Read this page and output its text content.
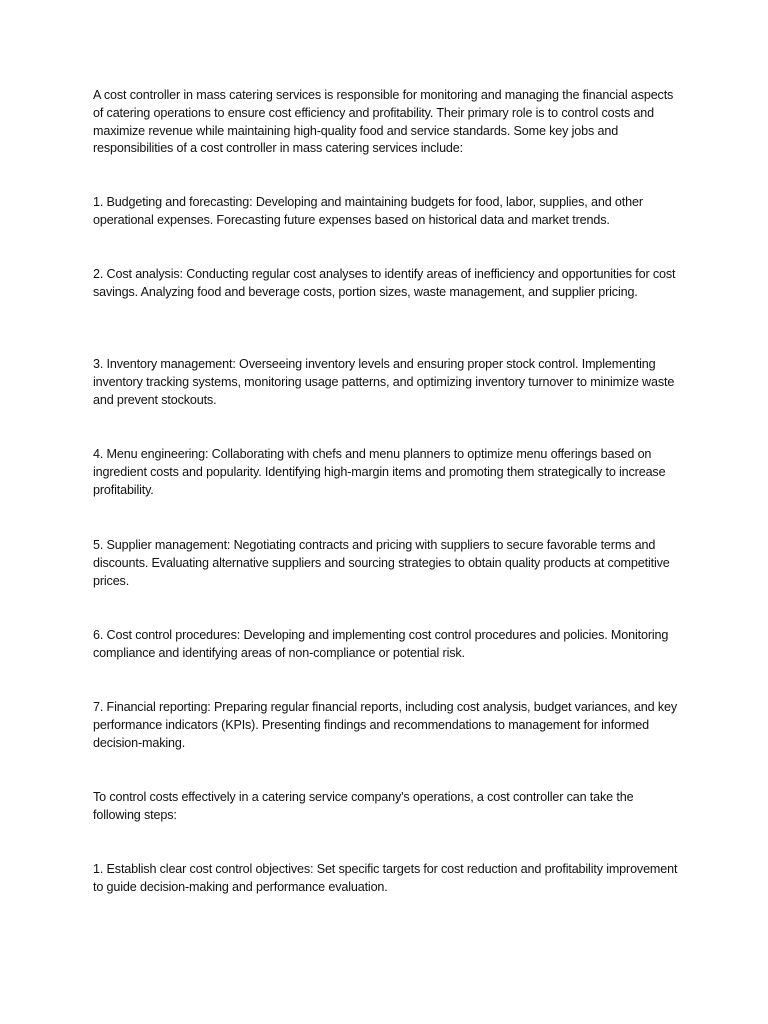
A cost controller in mass catering services is responsible for monitoring and managing the financial aspects of catering operations to ensure cost efficiency and profitability. Their primary role is to control costs and maximize revenue while maintaining high-quality food and service standards. Some key jobs and responsibilities of a cost controller in mass catering services include:

1. Budgeting and forecasting: Developing and maintaining budgets for food, labor, supplies, and other operational expenses. Forecasting future expenses based on historical data and market trends.

2. Cost analysis: Conducting regular cost analyses to identify areas of inefficiency and opportunities for cost savings. Analyzing food and beverage costs, portion sizes, waste management, and supplier pricing.

3. Inventory management: Overseeing inventory levels and ensuring proper stock control. Implementing inventory tracking systems, monitoring usage patterns, and optimizing inventory turnover to minimize waste and prevent stockouts.

4. Menu engineering: Collaborating with chefs and menu planners to optimize menu offerings based on ingredient costs and popularity. Identifying high-margin items and promoting them strategically to increase profitability.

5. Supplier management: Negotiating contracts and pricing with suppliers to secure favorable terms and discounts. Evaluating alternative suppliers and sourcing strategies to obtain quality products at competitive prices.

6. Cost control procedures: Developing and implementing cost control procedures and policies. Monitoring compliance and identifying areas of non-compliance or potential risk.

7. Financial reporting: Preparing regular financial reports, including cost analysis, budget variances, and key performance indicators (KPIs). Presenting findings and recommendations to management for informed decision-making.

To control costs effectively in a catering service company's operations, a cost controller can take the following steps:

1. Establish clear cost control objectives: Set specific targets for cost reduction and profitability improvement to guide decision-making and performance evaluation.
